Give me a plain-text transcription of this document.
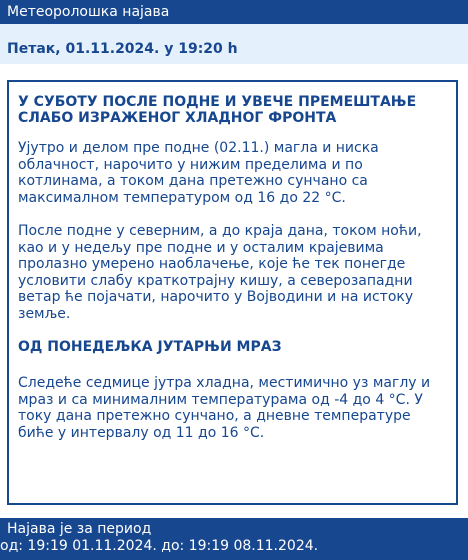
Метеоролошка најава
Петак, 01.11.2024. у 19:20 h
У СУБОТУ ПОСЛЕ ПОДНЕ И УВЕЧЕ ПРЕМЕШТАЊЕ СЛАБО ИЗРАЖЕНОГ ХЛАДНОГ ФРОНТА
Ујутро и делом пре подне (02.11.) магла и ниска облачност, нарочито у нижим пределима и по котлинама, а током дана претежно сунчано са максималном температуром од 16 до 22 °C.
После подне у северним, а до краја дана, током ноћи, као и у недељу пре подне и у осталим крајевима пролазно умерено наоблачење, које ће тек понегде условити слабу краткотрајну кишу, а северозападни ветар ће појачати, нарочито у Војводини и на истоку земље.
ОД ПОНЕДЕЉКА ЈУТАРЊИ МРАЗ
Следеће седмице јутра хладна, местимично уз маглу и мраз и са минималним температурама од -4 до 4 °C. У току дана претежно сунчано, а дневне температуре биће у интервалу од 11 до 16 °C.
Најава је за период
од: 19:19 01.11.2024. до: 19:19 08.11.2024.
